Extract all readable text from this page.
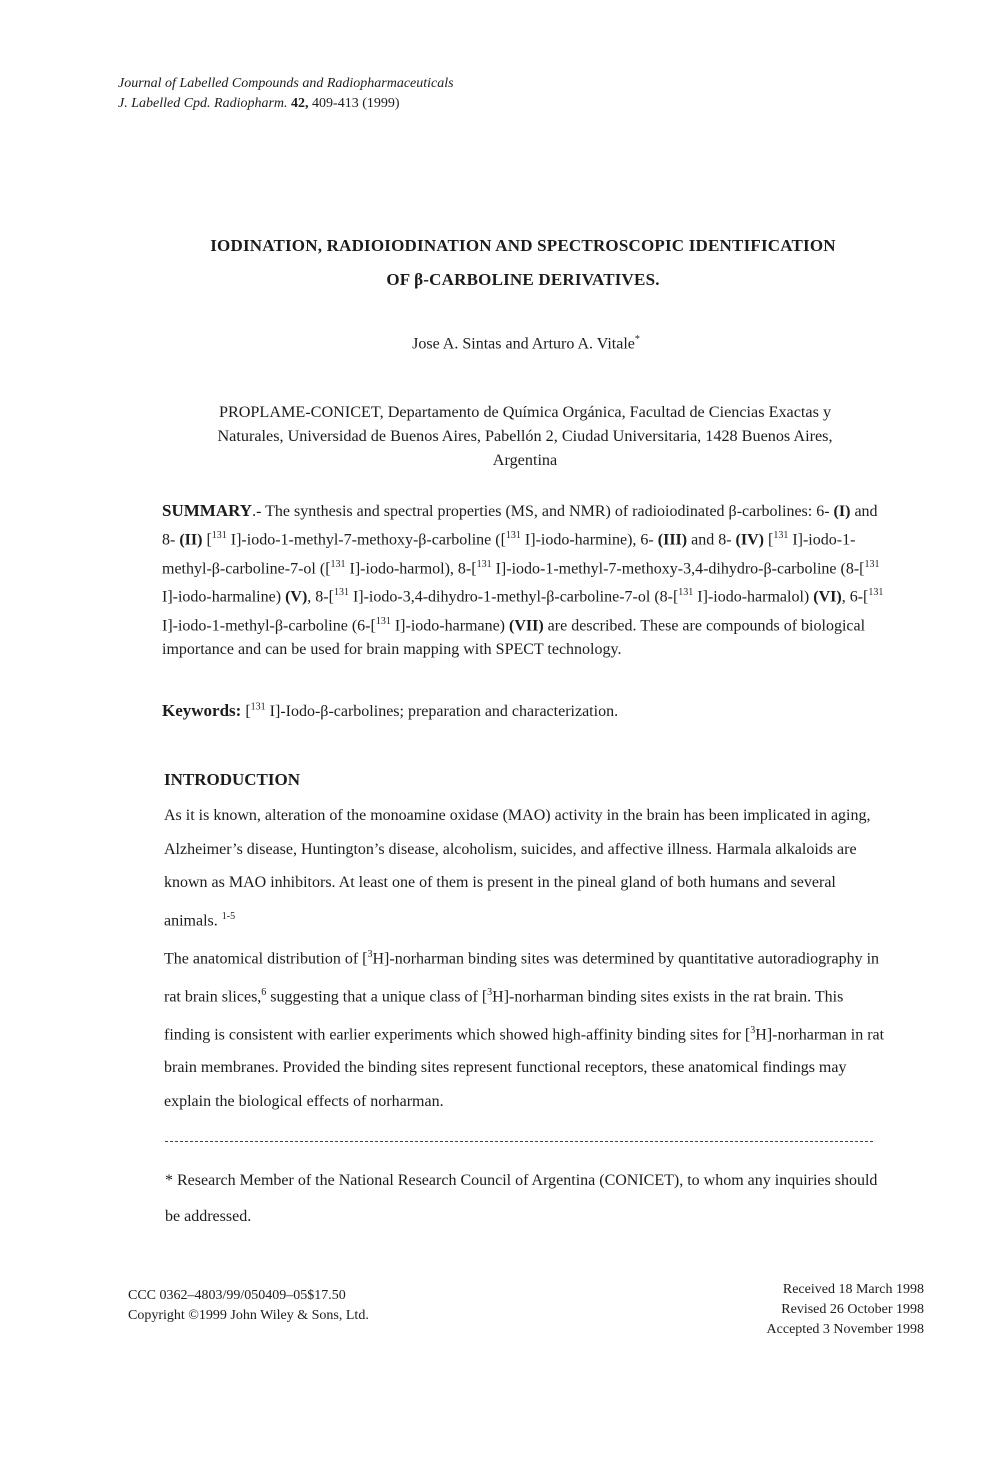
Journal of Labelled Compounds and Radiopharmaceuticals
J. Labelled Cpd. Radiopharm. 42, 409-413 (1999)
IODINATION, RADIOIODINATION AND SPECTROSCOPIC IDENTIFICATION
OF β-CARBOLINE DERIVATIVES.
Jose A. Sintas and Arturo A. Vitale*
PROPLAME-CONICET, Departamento de Química Orgánica, Facultad de Ciencias Exactas y
Naturales, Universidad de Buenos Aires, Pabellón 2, Ciudad Universitaria, 1428 Buenos Aires,
Argentina
SUMMARY.- The synthesis and spectral properties (MS, and NMR) of radioiodinated β-carbolines: 6- (I) and 8- (II) [$^{131}$ I]-iodo-1-methyl-7-methoxy-β-carboline ([$^{131}$ I]-iodo-harmine), 6- (III) and 8- (IV) [$^{131}$ I]-iodo-1-methyl-β-carboline-7-ol ([$^{131}$ I]-iodo-harmol), 8-[$^{131}$ I]-iodo-1-methyl-7-methoxy-3,4-dihydro-β-carboline (8-[$^{131}$ I]-iodo-harmaline) (V), 8-[$^{131}$ I]-iodo-3,4-dihydro-1-methyl-β-carboline-7-ol (8-[$^{131}$ I]-iodo-harmalol) (VI), 6-[$^{131}$ I]-iodo-1-methyl-β-carboline (6-[$^{131}$ I]-iodo-harmane) (VII) are described. These are compounds of biological importance and can be used for brain mapping with SPECT technology.
Keywords: [$^{131}$ I]-Iodo-β-carbolines; preparation and characterization.
INTRODUCTION

As it is known, alteration of the monoamine oxidase (MAO) activity in the brain has been implicated in aging, Alzheimer’s disease, Huntington’s disease, alcoholism, suicides, and affective illness. Harmala alkaloids are known as MAO inhibitors. At least one of them is present in the pineal gland of both humans and several animals. $^{1-5}$

The anatomical distribution of [$^3$H]-norharman binding sites was determined by quantitative autoradiography in rat brain slices,$^6$ suggesting that a unique class of [$^3$H]-norharman binding sites exists in the rat brain. This finding is consistent with earlier experiments which showed high-affinity binding sites for [$^3$H]-norharman in rat brain membranes. Provided the binding sites represent functional receptors, these anatomical findings may explain the biological effects of norharman.

* Research Member of the National Research Council of Argentina (CONICET), to whom any inquiries should be addressed.
CCC 0362–4803/99/050409–05$17.50
Copyright ©1999 John Wiley & Sons, Ltd.
Received 18 March 1998
Revised 26 October 1998
Accepted 3 November 1998
